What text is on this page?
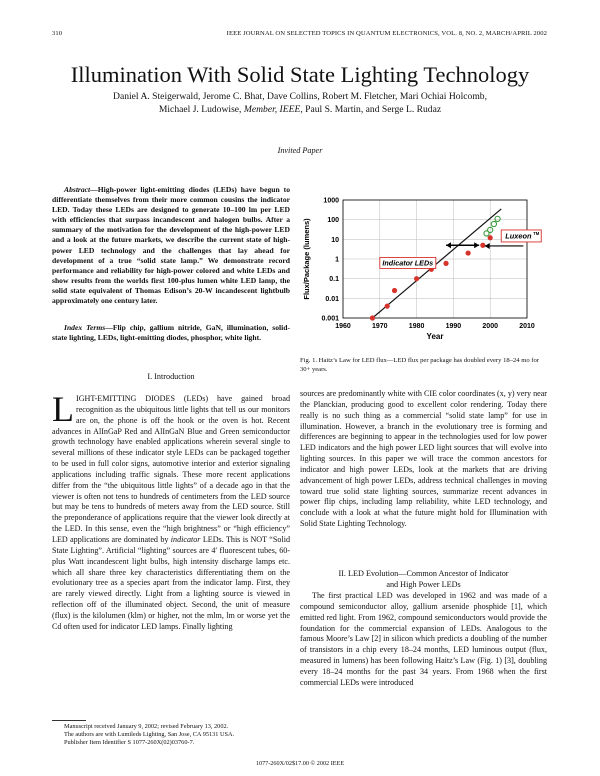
310	IEEE JOURNAL ON SELECTED TOPICS IN QUANTUM ELECTRONICS, VOL. 8, NO. 2, MARCH/APRIL 2002
Illumination With Solid State Lighting Technology
Daniel A. Steigerwald, Jerome C. Bhat, Dave Collins, Robert M. Fletcher, Mari Ochiai Holcomb,
Michael J. Ludowise, Member, IEEE, Paul S. Martin, and Serge L. Rudaz
Invited Paper

Abstract—High-power light-emitting diodes (LEDs) have begun to differentiate themselves from their more common cousins the indicator LED. Today these LEDs are designed to generate 10–100 lm per LED with efficiencies that surpass incandescent and halogen bulbs. After a summary of the motivation for the development of the high-power LED and a look at the future markets, we describe the current state of high-power LED technology and the challenges that lay ahead for development of a true “solid state lamp.” We demonstrate record performance and reliability for high-power colored and white LEDs and show results from the worlds first 100-plus lumen white LED lamp, the solid state equivalent of Thomas Edison’s 20-W incandescent lightbulb approximately one century later.

Index Terms—Flip chip, gallium nitride, GaN, illumination, solid-state lighting, LEDs, light-emitting diodes, phosphor, white light.
I. Introduction

LIGHT-EMITTING DIODES (LEDs) have gained broad recognition as the ubiquitous little lights that tell us our monitors are on, the phone is off the hook or the oven is hot. Recent advances in AlInGaP Red and AlInGaN Blue and Green semiconductor growth technology have enabled applications wherein several single to several millions of these indicator style LEDs can be packaged together to be used in full color signs, automotive interior and exterior signaling applications including traffic signals. These more recent applications differ from the “the ubiquitous little lights” of a decade ago in that the viewer is often not tens to hundreds of centimeters from the LED source but may be tens to hundreds of meters away from the LED source. Still the preponderance of applications require that the viewer look directly at the LED. In this sense, even the “high brightness” or “high efficiency” LED applications are dominated by indicator LEDs. This is NOT “Solid State Lighting”. Artificial “lighting” sources are 4′ fluorescent tubes, 60-plus Watt incandescent light bulbs, high intensity discharge lamps etc. which all share three key characteristics differentiating them on the evolutionary tree as a species apart from the indicator lamp. First, they are rarely viewed directly. Light from a lighting source is viewed in reflection off of the illuminated object. Second, the unit of measure (flux) is the kilolumen (klm) or higher, not the mlm, lm or worse yet the Cd often used for indicator LED lamps. Finally lighting

Manuscript received January 9, 2002; revised February 13, 2002.
The authors are with Lumileds Lighting, San Jose, CA 95131 USA.
Publisher Item Identifier S 1077-260X(02)03760-7.
0.001
0.01
0.1
1
10
100
1000
1960	1970	1980	1990	2000	2010
Year
Flux/Package (lumens)	Indicator LEDs
Luxeon TM
Fig. 1. Haitz’s Law for LED flux—LED flux per package has doubled every 18–24 mo for 30+ years.
sources are predominantly white with CIE color coordinates (x, y) very near the Planckian, producing good to excellent color rendering. Today there really is no such thing as a commercial “solid state lamp” for use in illumination. However, a branch in the evolutionary tree is forming and differences are beginning to appear in the technologies used for low power LED indicators and the high power LED light sources that will evolve into lighting sources. In this paper we will trace the common ancestors for indicator and high power LEDs, look at the markets that are driving advancement of high power LEDs, address technical challenges in moving toward true solid state lighting sources, summarize recent advances in power flip chips, including lamp reliability, white LED technology, and conclude with a look at what the future might hold for Illumination with Solid State Lighting Technology.
II. LED Evolution—Common Ancestor of Indicator
and High Power LEDs
The first practical LED was developed in 1962 and was made of a compound semiconductor alloy, gallium arsenide phosphide [1], which emitted red light. From 1962, compound semiconductors would provide the foundation for the commercial expansion of LEDs. Analogous to the famous Moore’s Law [2] in silicon which predicts a doubling of the number of transistors in a chip every 18–24 months, LED luminous output (flux, measured in lumens) has been following Haitz’s Law (Fig. 1) [3], doubling every 18–24 months for the past 34 years. From 1968 when the first commercial LEDs were introduced
1077-260X/02$17.00 © 2002 IEEE
